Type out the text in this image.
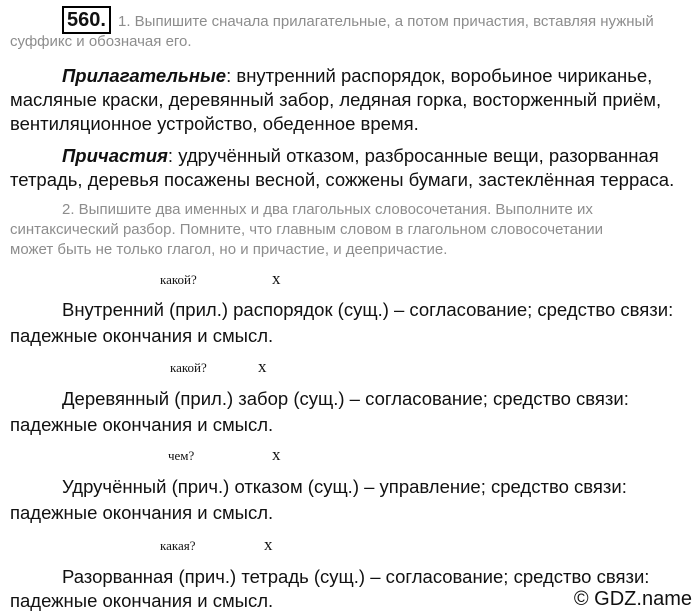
560. 1. Выпишите сначала прилагательные, а потом причастия, вставляя нужный
суффикс и обозначая его.
Прилагательные: внутренний распорядок, воробьиное чириканье,
масляные краски, деревянный забор, ледяная горка, восторженный приём,
вентиляционное устройство, обеденное время.
Причастия: удручённый отказом, разбросанные вещи, разорванная
тетрадь, деревья посажены весной, сожжены бумаги, застеклённая терраса.
2. Выпишите два именных и два глагольных словосочетания. Выполните их
синтаксический разбор. Помните, что главным словом в глагольном словосочетании
может быть не только глагол, но и причастие, и деепричастие.
какой?	x
Внутренний (прил.) распорядок (сущ.) – согласование; средство связи:
падежные окончания и смысл.
какой?	x
Деревянный (прил.) забор (сущ.) – согласование; средство связи:
падежные окончания и смысл.
чем?	x
Удручённый (прич.) отказом (сущ.) – управление; средство связи:
падежные окончания и смысл.
какая?	x
Разорванная (прич.) тетрадь (сущ.) – согласование; средство связи:
падежные окончания и смысл.	© GDZ.name
